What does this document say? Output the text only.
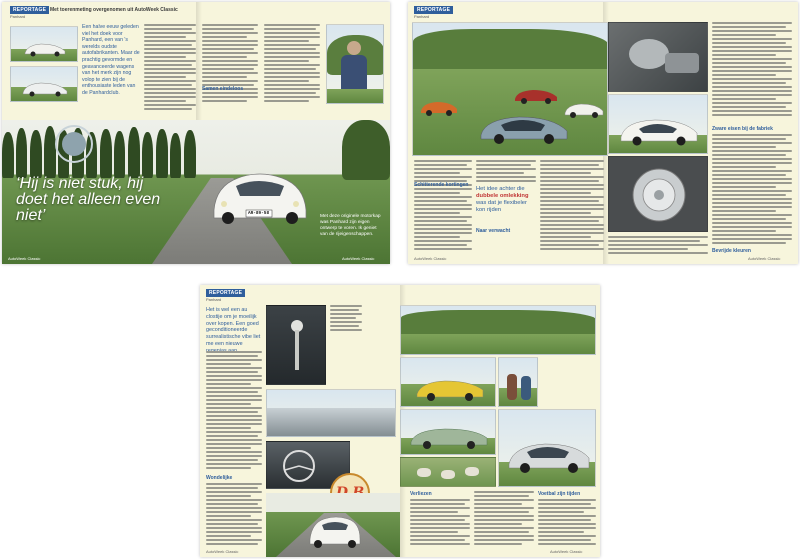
REPORTAGE
Panhard
Met toerenmeting overgenomen uit AutoWeek Classic
Een halve eeuw geleden viel het doek voor Panhard, een van 's werelds oudste autofabrikanten. Maar de prachtig gevormde en geavanceerde wagens van het merk zijn nog volop te zien bij de enthousiaste leden van de Panhardclub.
Samen eindeloos
AR-89-58
‘Hij is niet stuk, hij doet het alleen even niet’	Met deze originele motorkap was Panhard zijn eigen ontwerp te voren. Ik geniet van de rijeigenschappen.
AutoWeek Classic	AutoWeek Classic
REPORTAGE
Panhard
Zware eisen bij de fabriek
Schitterende kortingen
Het idee achter die dubbele omlekking was dat je flexibeler kon rijden
Naar verwacht
Bevrijde kleuren
AutoWeek Classic	AutoWeek Classic
REPORTAGE
Panhard
Het is wel een au clostije om je moeilijk over kopen. Een goed geconditioneerde surrealistische vibe liet me een nieuwe
Wondelijke
Verliezen	Voetbal zijn tijden
AutoWeek Classic	AutoWeek Classic
